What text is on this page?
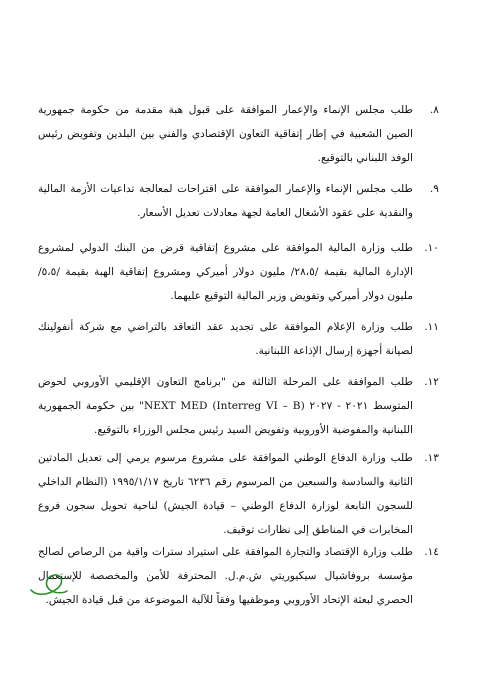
٨.
طلب مجلس الإنماء والإعمار الموافقة على قبول هبة مقدمة من حكومة جمهورية الصين الشعبية في إطار إتفاقية التعاون الإقتصادي والفني بين البلدين وتفويض رئيس الوفد اللبناني بالتوقيع.
٩.
طلب مجلس الإنماء والإعمار الموافقة على اقتراحات لمعالجة تداعيات الأزمة المالية والنقدية على عقود الأشغال العامة لجهة معادلات تعديل الأسعار.
١٠.
طلب وزارة المالية الموافقة على مشروع إتفاقية قرض من البنك الدولي لمشروع الإدارة المالية بقيمة /٢٨،٥/ مليون دولار أميركي ومشروع إتفاقية الهبة بقيمة /٥،٥/ مليون دولار أميركي وتفويض وزير المالية التوقيع عليهما.
١١.
طلب وزارة الإعلام الموافقة على تجديد عقد التعاقد بالتراضي مع شركة أنفولينك لصيانة أجهزة إرسال الإذاعة اللبنانية.
١٢.
طلب الموافقة على المرحلة الثالثة من "برنامج التعاون الإقليمي الأوروبي لحوض المتوسط ٢٠٢١ - ٢٠٢٧ (Interreg VI – B) NEXT MED" بين حكومة الجمهورية اللبنانية والمفوضية الأوروبية وتفويض السيد رئيس مجلس الوزراء بالتوقيع.
١٣.
طلب وزارة الدفاع الوطني الموافقة على مشروع مرسوم يرمي إلى تعديل المادتين الثانية والسادسة والسبعين من المرسوم رقم ٦٢٣٦ تاريخ ١٩٩٥/١/١٧ (النظام الداخلي للسجون التابعة لوزارة الدفاع الوطني – قيادة الجيش) لناحية تحويل سجون فروع المخابرات في المناطق إلى نظارات توقيف.
١٤.
طلب وزارة الإقتصاد والتجارة الموافقة على استيراد سترات واقية من الرصاص لصالح مؤسسة بروفاشيال سيكيوريتي ش.م.ل. المحترفة للأمن والمخصصة للإستعمال الحصري لبعثة الإتحاد الأوروبي وموظفيها وفقاً للآلية الموضوعة من قبل قيادة الجيش.
